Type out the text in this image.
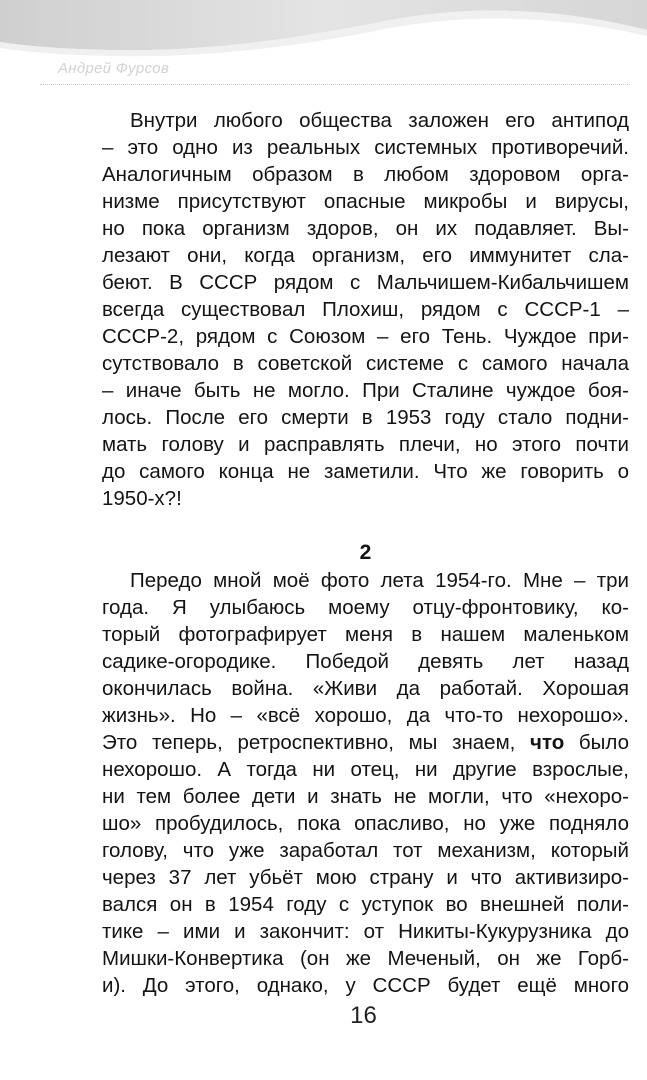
Андрей Фурсов
Внутри любого общества заложен его антипод
– это одно из реальных системных противоречий.
Аналогичным образом в любом здоровом орга-
низме присутствуют опасные микробы и вирусы,
но пока организм здоров, он их подавляет. Вы-
лезают они, когда организм, его иммунитет сла-
беют. В СССР рядом с Мальчишем-Кибальчишем
всегда существовал Плохиш, рядом с СССР-1 –
СССР-2, рядом с Союзом – его Тень. Чуждое при-
сутствовало в советской системе с самого начала
– иначе быть не могло. При Сталине чуждое боя-
лось. После его смерти в 1953 году стало подни-
мать голову и расправлять плечи, но этого почти
до самого конца не заметили. Что же говорить о
1950-х?!
2
Передо мной моё фото лета 1954-го. Мне – три
года. Я улыбаюсь моему отцу-фронтовику, ко-
торый фотографирует меня в нашем маленьком
садике-огородике. Победой девять лет назад
окончилась война. «Живи да работай. Хорошая
жизнь». Но – «всё хорошо, да что-то нехорошо».
Это теперь, ретроспективно, мы знаем, что было
нехорошо. А тогда ни отец, ни другие взрослые,
ни тем более дети и знать не могли, что «нехоро-
шо» пробудилось, пока опасливо, но уже подняло
голову, что уже заработал тот механизм, который
через 37 лет убьёт мою страну и что активизиро-
вался он в 1954 году с уступок во внешней поли-
тике – ими и закончит: от Никиты-Кукурузника до
Мишки-Конвертика (он же Меченый, он же Горб-
и). До этого, однако, у СССР будет ещё много
16
